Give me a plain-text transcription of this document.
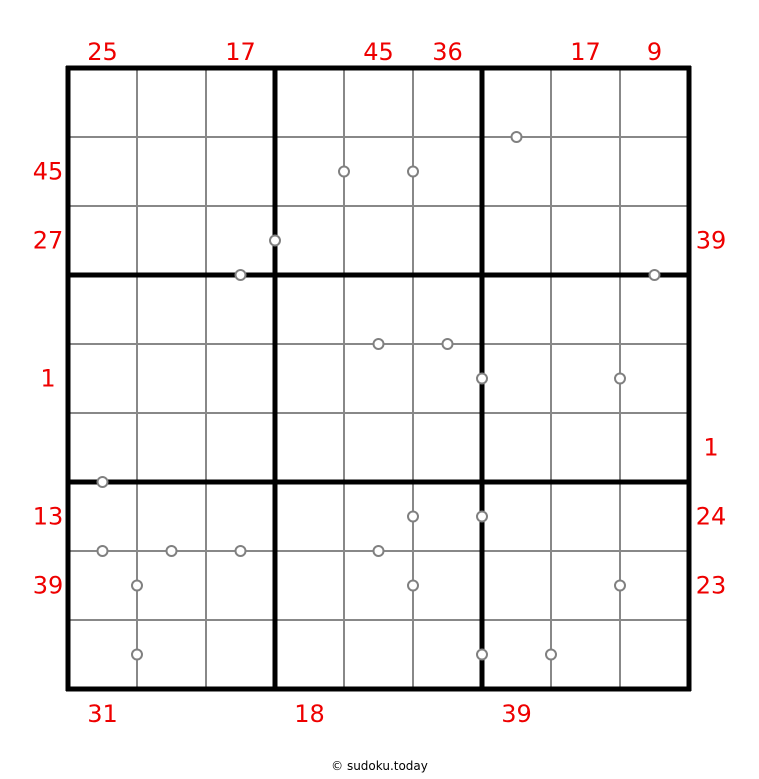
25	17	45 36	17 9
31	18	39
45
27
1
13
39
39
1
24
23
© sudoku.today
